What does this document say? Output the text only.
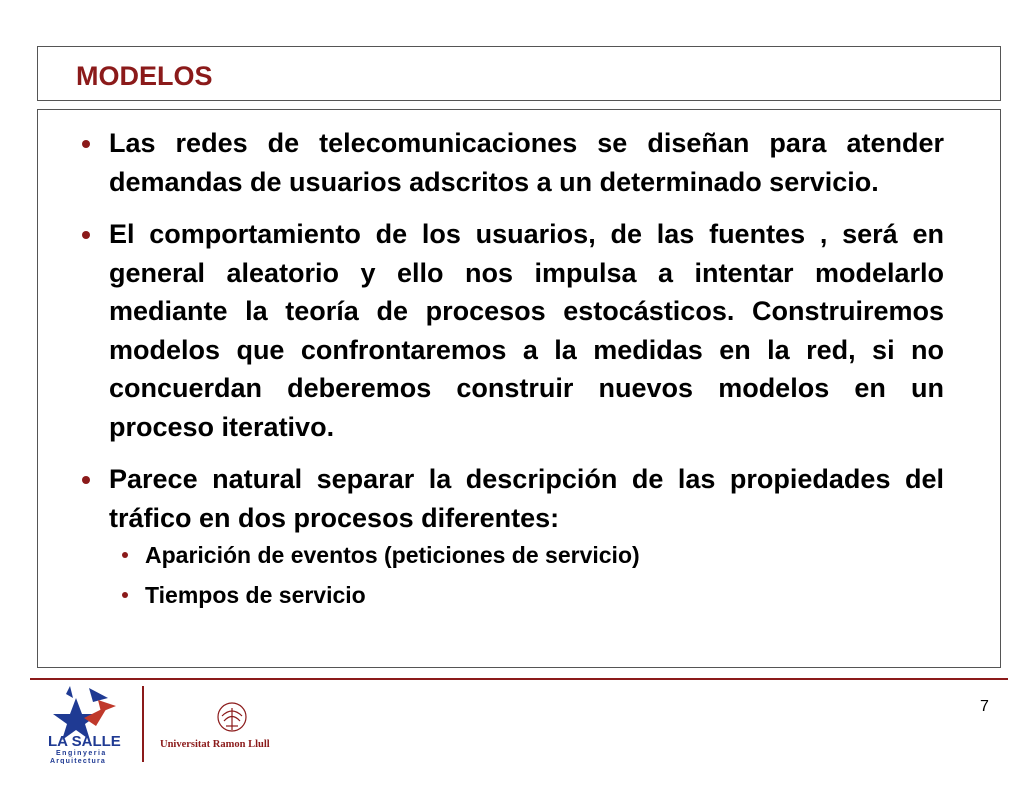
MODELOS
Las redes de telecomunicaciones se diseñan para atender demandas de usuarios adscritos a un determinado servicio.
El comportamiento de los usuarios, de las fuentes , será en general aleatorio y ello nos impulsa a intentar modelarlo mediante la teoría de procesos estocásticos. Construiremos modelos que confrontaremos a la medidas en la red, si no concuerdan deberemos construir nuevos modelos en un proceso iterativo.
Parece natural separar la descripción de las propiedades del tráfico en dos procesos diferentes:
Aparición de eventos (peticiones de servicio)
Tiempos de servicio
LA SALLE
Enginyeria
Arquitectura
Universitat Ramon Llull
7
